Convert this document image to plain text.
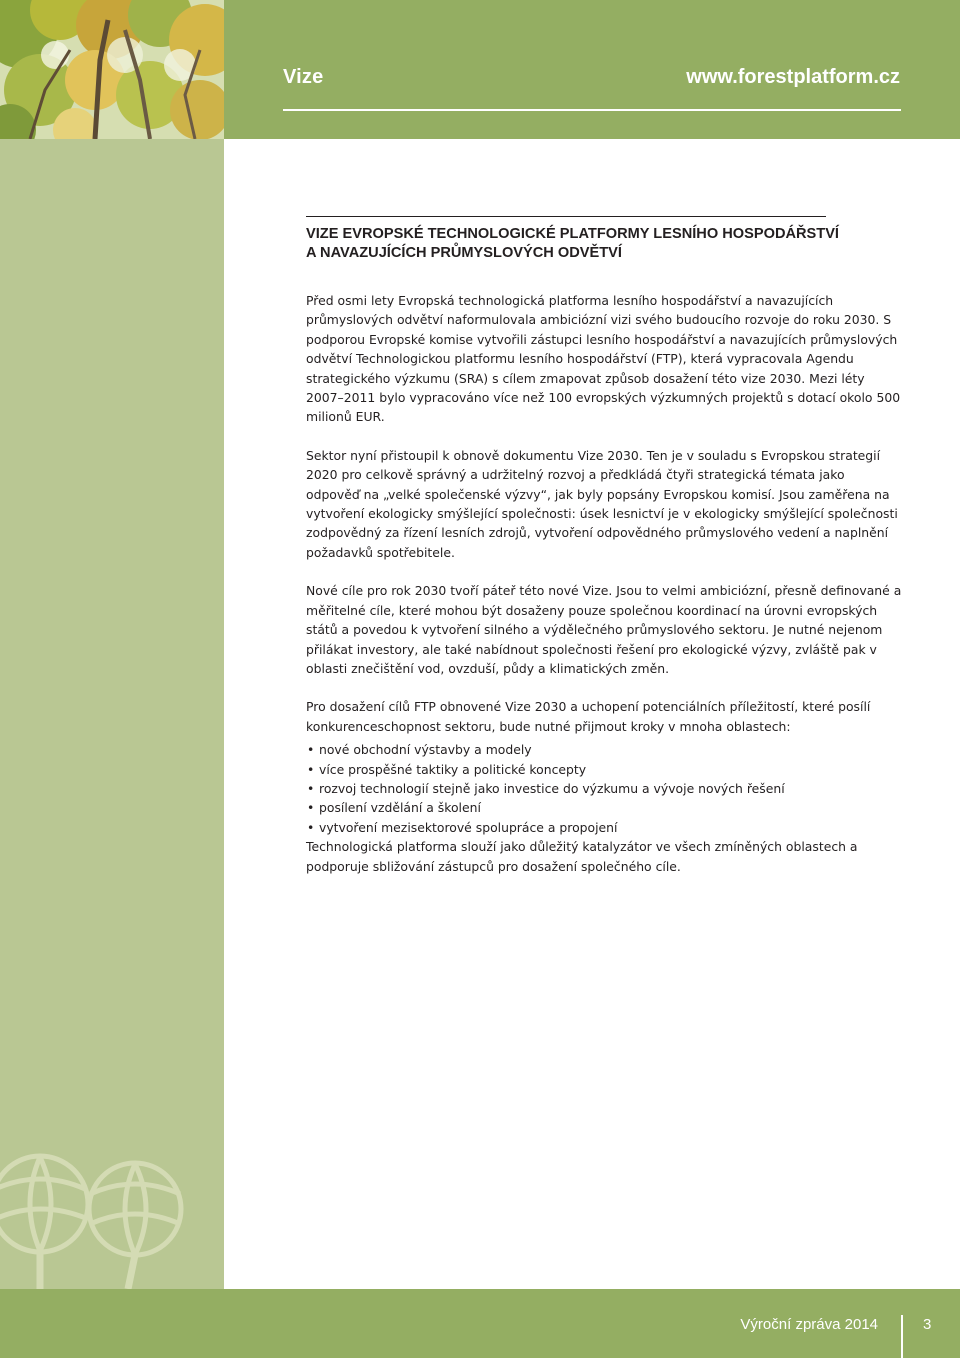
Vize	www.forestplatform.cz
VIZE EVROPSKÉ TECHNOLOGICKÉ PLATFORMY LESNÍHO HOSPODÁŘSTVÍ
A NAVAZUJÍCÍCH PRŮMYSLOVÝCH ODVĚTVÍ

Před osmi lety Evropská technologická platforma lesního hospodářství a navazujících průmyslových odvětví naformulovala ambiciózní vizi svého budoucího rozvoje do roku 2030. S podporou Evropské komise vytvořili zástupci lesního hospodářství a navazujících průmyslových odvětví Technologickou platformu lesního hospodářství (FTP), která vypracovala Agendu strategického výzkumu (SRA) s cílem zmapovat způsob dosažení této vize 2030. Mezi léty 2007–2011 bylo vypracováno více než 100 evropských výzkumných projektů s dotací okolo 500 milionů EUR.

Sektor nyní přistoupil k obnově dokumentu Vize 2030. Ten je v souladu s Evropskou strategií 2020 pro celkově správný a udržitelný rozvoj a předkládá čtyři strategická témata jako odpověď na „velké společenské výzvy“, jak byly popsány Evropskou komisí. Jsou zaměřena na vytvoření ekologicky smýšlející společnosti: úsek lesnictví je v ekologicky smýšlející společnosti zodpovědný za řízení lesních zdrojů, vytvoření odpovědného průmyslového vedení a naplnění požadavků spotřebitele.

Nové cíle pro rok 2030 tvoří páteř této nové Vize. Jsou to velmi ambiciózní, přesně definované a měřitelné cíle, které mohou být dosaženy pouze společnou koordinací na úrovni evropských států a povedou k vytvoření silného a výdělečného průmyslového sektoru. Je nutné nejenom přilákat investory, ale také nabídnout společnosti řešení pro ekologické výzvy, zvláště pak v oblasti znečištění vod, ovzduší, půdy a klimatických změn.

Pro dosažení cílů FTP obnovené Vize 2030 a uchopení potenciálních příležitostí, které posílí konkurenceschopnost sektoru, bude nutné přijmout kroky v mnoha oblastech:

• nové obchodní výstavby a modely
• více prospěšné taktiky a politické koncepty
• rozvoj technologií stejně jako investice do výzkumu a vývoje nových řešení
• posílení vzdělání a školení
• vytvoření mezisektorové spolupráce a propojení

Technologická platforma slouží jako důležitý katalyzátor ve všech zmíněných oblastech a podporuje sbližování zástupců pro dosažení společného cíle.

Výroční zpráva 2014	3
